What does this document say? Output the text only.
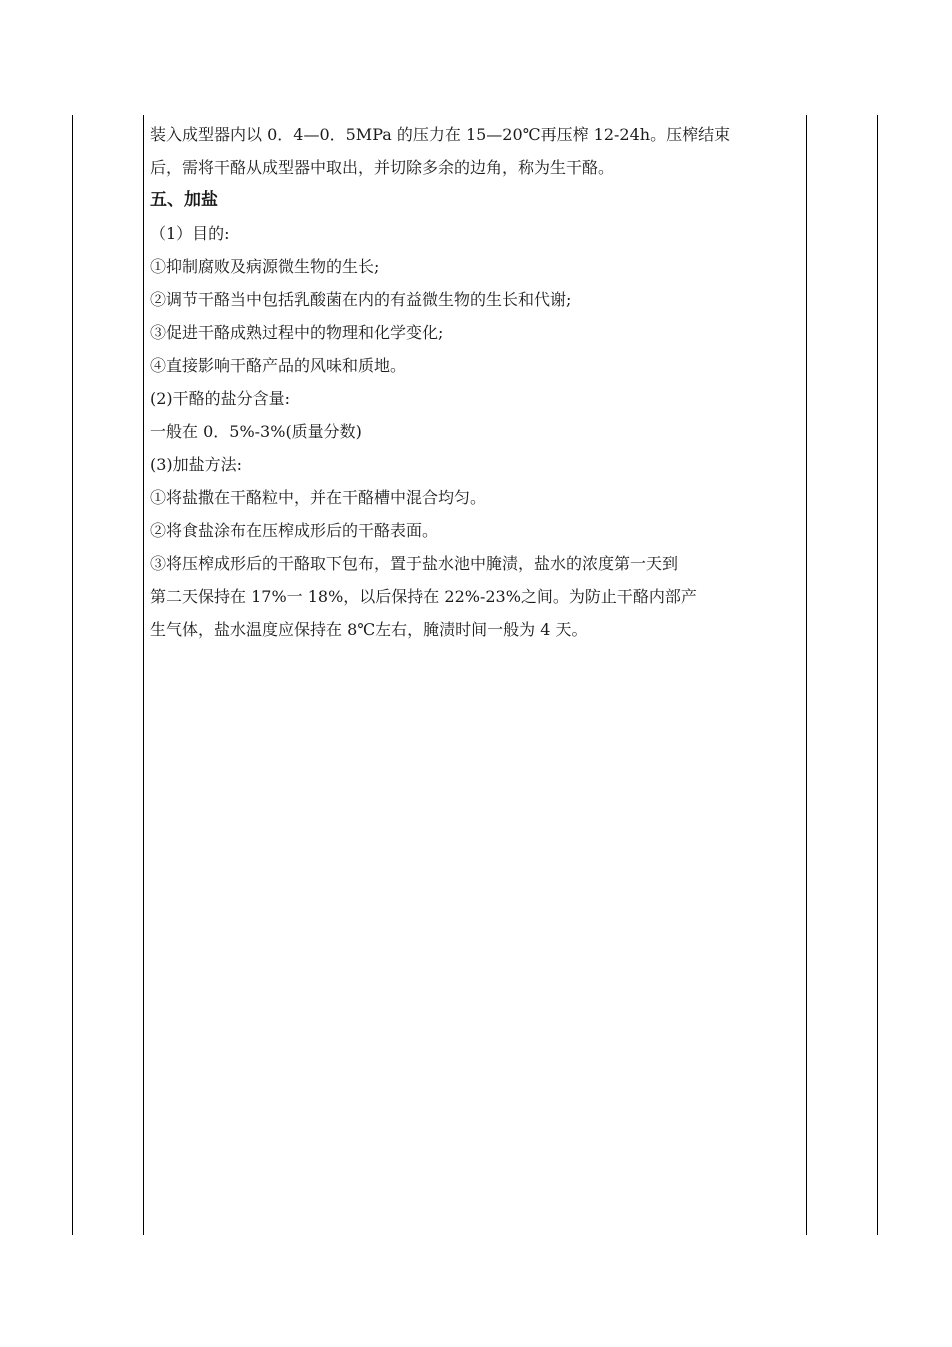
装入成型器内以 0．4—0．5MPa 的压力在 15—20℃再压榨 12-24h。压榨结束
后，需将干酪从成型器中取出，并切除多余的边角，称为生干酪。
五、加盐
（1）目的:
①抑制腐败及病源微生物的生长;
②调节干酪当中包括乳酸菌在内的有益微生物的生长和代谢;
③促进干酪成熟过程中的物理和化学变化;
④直接影响干酪产品的风味和质地。
(2)干酪的盐分含量:
一般在 0．5%-3%(质量分数)
(3)加盐方法:
①将盐撒在干酪粒中，并在干酪槽中混合均匀。
②将食盐涂布在压榨成形后的干酪表面。
③将压榨成形后的干酪取下包布，置于盐水池中腌渍，盐水的浓度第一天到
第二天保持在 17%一 18%，以后保持在 22%-23%之间。为防止干酪内部产
生气体，盐水温度应保持在 8℃左右，腌渍时间一般为 4 天。
